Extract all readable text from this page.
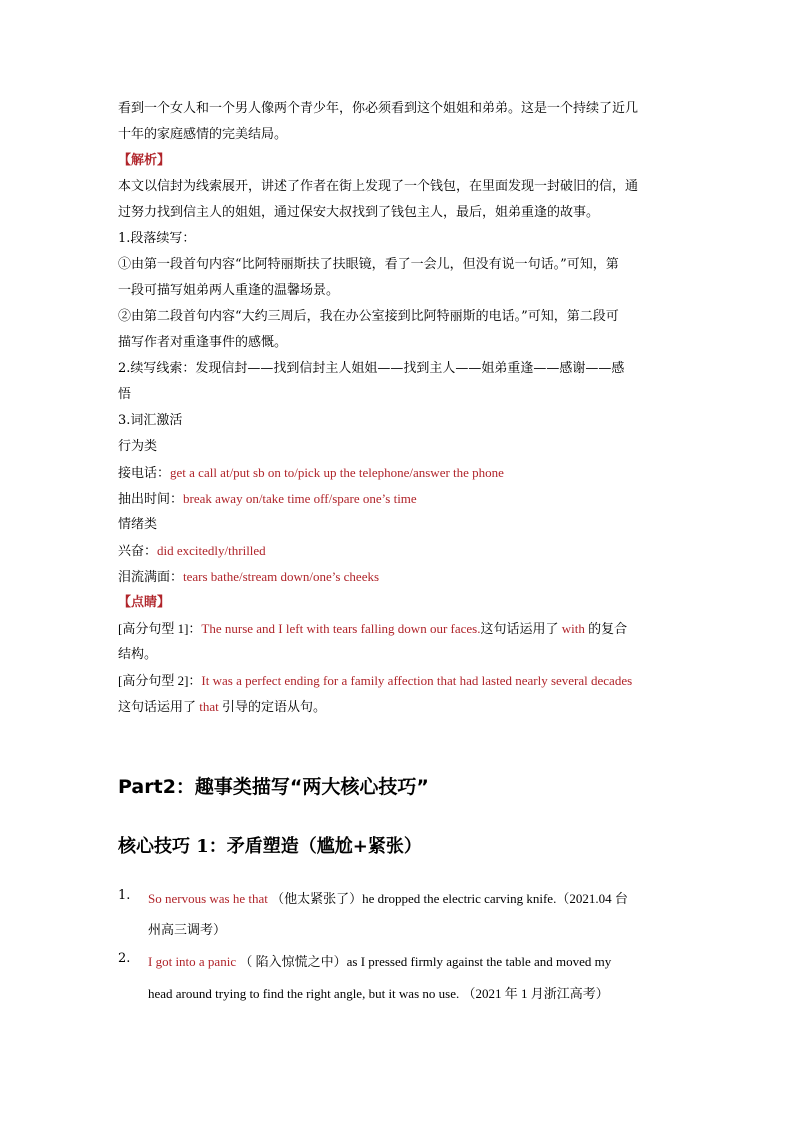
看到一个女人和一个男人像两个青少年，你必须看到这个姐姐和弟弟。这是一个持续了近几
十年的家庭感情的完美结局。
【解析】
本文以信封为线索展开，讲述了作者在街上发现了一个钱包，在里面发现一封破旧的信，通
过努力找到信主人的姐姐，通过保安大叔找到了钱包主人，最后，姐弟重逢的故事。
1.段落续写：
①由第一段首句内容“比阿特丽斯扶了扶眼镜，看了一会儿，但没有说一句话。”可知，第
一段可描写姐弟两人重逢的温馨场景。
②由第二段首句内容“大约三周后，我在办公室接到比阿特丽斯的电话。”可知，第二段可
描写作者对重逢事件的感慨。
2.续写线索：发现信封——找到信封主人姐姐——找到主人——姐弟重逢——感谢——感
悟
3.词汇激活
行为类
接电话：get a call at/put sb on to/pick up the telephone/answer the phone
抽出时间：break away on/take time off/spare one’s time
情绪类
兴奋：did excitedly/thrilled
泪流满面：tears bathe/stream down/one’s cheeks
【点睛】
[高分句型 1]：The nurse and I left with tears falling down our faces.这句话运用了 with 的复合
结构。
[高分句型 2]：It was a perfect ending for a family affection that had lasted nearly several decades
这句话运用了 that 引导的定语从句。
Part2：趣事类描写“两大核心技巧”
核心技巧 1：矛盾塑造（尴尬+紧张）
1. So nervous was he that （他太紧张了）he dropped the electric carving knife.（2021.04 台
州高三调考）
2. I got into a panic （ 陷入惊慌之中）as I pressed firmly against the table and moved my
head around trying to find the right angle, but it was no use. （2021 年 1 月浙江高考）
